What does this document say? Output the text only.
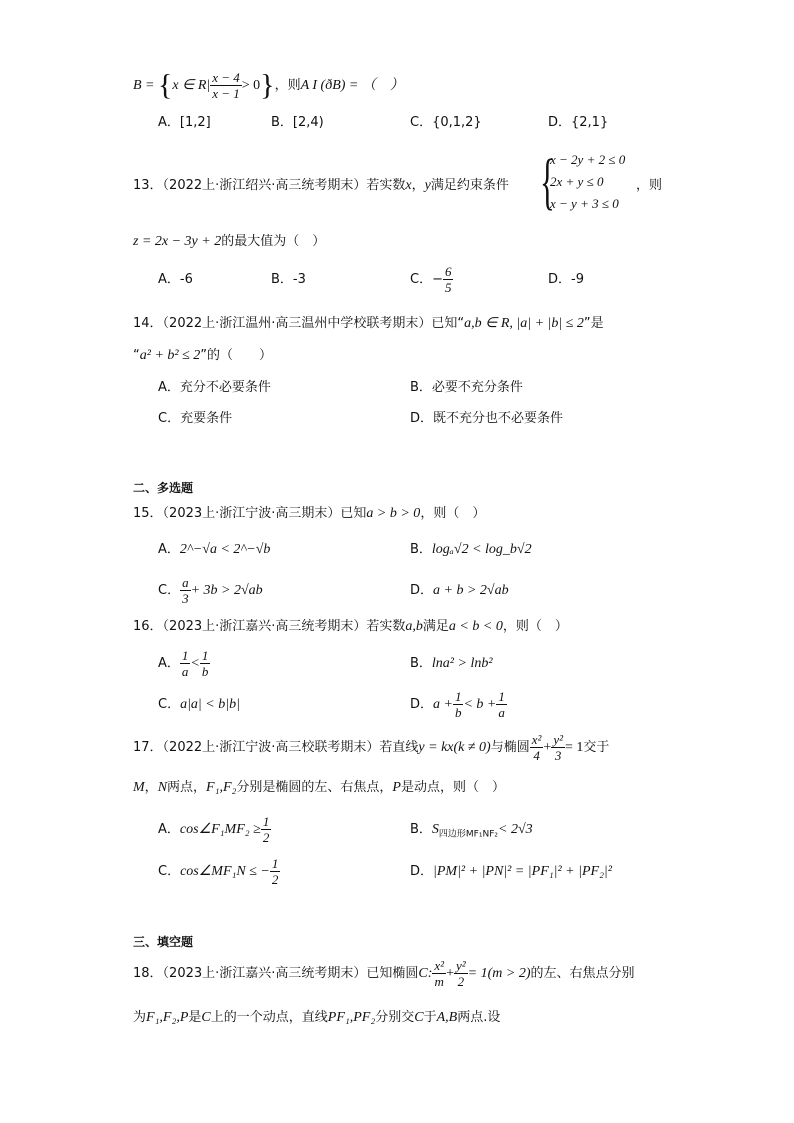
B = {x ∈ $R| \frac{x - 4}{x - 1} > 0$}，则A I (ðB) = （　）
A．[1,2]	B．[2,4)	C．{0,1,2}	D．{2,1}
13．（2022上·浙江绍兴·高三统考期末）若实数x，y满足约束条件 {
x − 2y + 2 ≤ 0
2x + y ≤ 0
x − y + 3 ≤ 0
，则
z = 2x − 3y + 2的最大值为（　）
A．-6	B．-3	C．− $\frac{6}{5}$	D．-9
14．（2022上·浙江温州·高三温州中学校联考期末）已知“a,b ∈ R, |a| + |b| ≤ 2”是
“a² + b² ≤ 2”的（　　）
A．充分不必要条件	B．必要不充分条件
C．充要条件	D．既不充分也不必要条件
二、多选题
15．（2023上·浙江宁波·高三期末）已知a > b > 0，则（　）
A．2^−√a < 2^−√b	B．logₐ√2 < log_b√2
C． $\frac{a}{3} + 3b > 2√ab$	D．a + b > 2√ab
16．（2023上·浙江嘉兴·高三统考期末）若实数a,b满足a < b < 0，则（　）
A． $\frac{1}{a} < \frac{1}{b}$	B．lna² > lnb²
C．a|a| < b|b|	D．$a + \frac{1}{b} < b + \frac{1}{a}$
17．（2022上·浙江宁波·高三校联考期末）若直线y = kx(k ≠ 0)与椭圆 $\frac{\text{x²}}{4} + \frac{\text{y²}}{3} = 1$交于
M，N两点，F₁,F₂分别是椭圆的左、右焦点，P是动点，则（　）
A．cos∠F₁MF₂ ≥ $\frac{1}{2}$	B．$S_{四边形MF_1NF_2}< 2√3$
C．cos∠MF₁N ≤ − $\frac{1}{2}$	D．|PM|² + |PN|² = |PF₁|² + |PF₂|²
三、填空题
18．（2023上·浙江嘉兴·高三统考期末）已知椭圆C: $\frac{\text{x²}}{m} + \frac{\text{y²}}{2} = 1(m > 2)$的左、右焦点分别
为F₁,F₂,P是C上的一个动点，直线PF₁,PF₂分别交C于A,B两点.设
